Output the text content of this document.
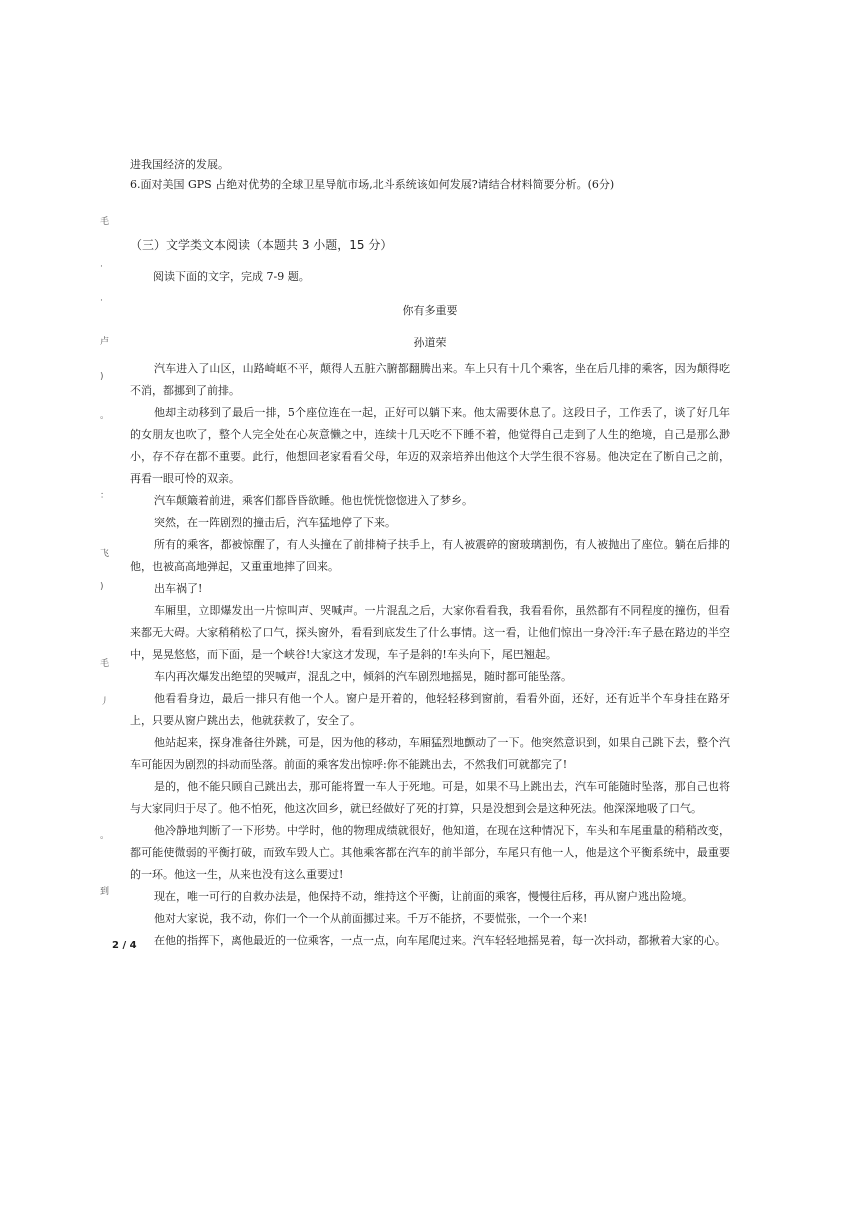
进我国经济的发展。
6.面对美国 GPS 占绝对优势的全球卫星导航市场,北斗系统该如何发展?请结合材料简要分析。(6分)
（三）文学类文本阅读（本题共 3 小题，15 分）
阅读下面的文字，完成 7-9 题。
你有多重要
孙道荣
汽车进入了山区，山路崎岖不平，颠得人五脏六腑都翻腾出来。车上只有十几个乘客，坐在后几排的乘客，因为颠得吃不消，都挪到了前排。
他却主动移到了最后一排，5个座位连在一起，正好可以躺下来。他太需要休息了。这段日子，工作丢了，谈了好几年的女朋友也吹了，整个人完全处在心灰意懒之中，连续十几天吃不下睡不着，他觉得自己走到了人生的绝境，自己是那么渺小，存不存在都不重要。此行，他想回老家看看父母，年迈的双亲培养出他这个大学生很不容易。他决定在了断自己之前，再看一眼可怜的双亲。
汽车颠簸着前进，乘客们都昏昏欲睡。他也恍恍惚惚进入了梦乡。
突然，在一阵剧烈的撞击后，汽车猛地停了下来。
所有的乘客，都被惊醒了，有人头撞在了前排椅子扶手上，有人被震碎的窗玻璃割伤，有人被抛出了座位。躺在后排的他，也被高高地弹起，又重重地摔了回来。
出车祸了!
车厢里，立即爆发出一片惊叫声、哭喊声。一片混乱之后，大家你看看我，我看看你，虽然都有不同程度的撞伤，但看来都无大碍。大家稍稍松了口气，探头窗外，看看到底发生了什么事情。这一看，让他们惊出一身冷汗:车子悬在路边的半空中，晃晃悠悠，而下面，是一个峡谷!大家这才发现，车子是斜的!车头向下，尾巴翘起。
车内再次爆发出绝望的哭喊声，混乱之中，倾斜的汽车剧烈地摇晃，随时都可能坠落。
他看看身边，最后一排只有他一个人。窗户是开着的，他轻轻移到窗前，看看外面，还好，还有近半个车身挂在路牙上，只要从窗户跳出去，他就获救了，安全了。
他站起来，探身准备往外跳，可是，因为他的移动，车厢猛烈地颤动了一下。他突然意识到，如果自己跳下去，整个汽车可能因为剧烈的抖动而坠落。前面的乘客发出惊呼:你不能跳出去，不然我们可就都完了!
是的，他不能只顾自己跳出去，那可能将置一车人于死地。可是，如果不马上跳出去，汽车可能随时坠落，那自己也将与大家同归于尽了。他不怕死，他这次回乡，就已经做好了死的打算，只是没想到会是这种死法。他深深地吸了口气。
他冷静地判断了一下形势。中学时，他的物理成绩就很好，他知道，在现在这种情况下，车头和车尾重量的稍稍改变，都可能使微弱的平衡打破，而致车毁人亡。其他乘客都在汽车的前半部分，车尾只有他一人，他是这个平衡系统中，最重要的一环。他这一生，从来也没有这么重要过!
现在，唯一可行的自救办法是，他保持不动，维持这个平衡，让前面的乘客，慢慢往后移，再从窗户逃出险境。
他对大家说，我不动，你们一个一个从前面挪过来。千万不能挤，不要慌张，一个一个来!
在他的指挥下，离他最近的一位乘客，一点一点，向车尾爬过来。汽车轻轻地摇晃着，每一次抖动，都揪着大家的心。
毛
·
·
卢
)
。
：
飞
)
毛
丿
。
到
2 / 4
